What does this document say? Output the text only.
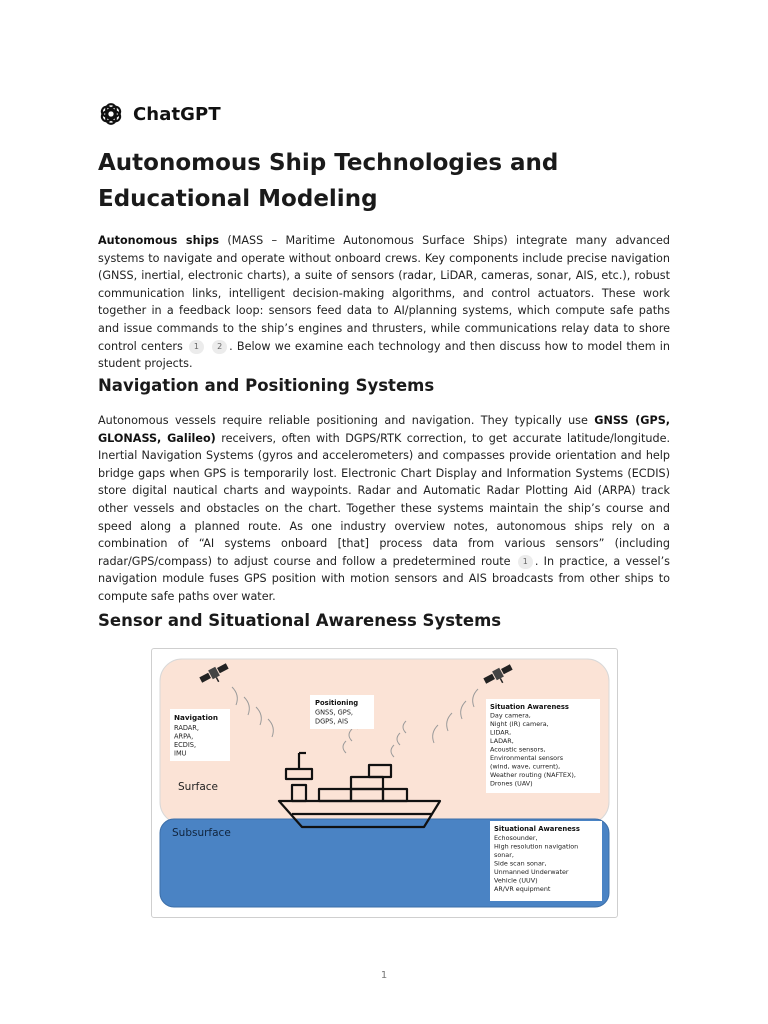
ChatGPT
Autonomous Ship Technologies and Educational Modeling

Autonomous ships (MASS – Maritime Autonomous Surface Ships) integrate many advanced systems to navigate and operate without onboard crews. Key components include precise navigation (GNSS, inertial, electronic charts), a suite of sensors (radar, LiDAR, cameras, sonar, AIS, etc.), robust communication links, intelligent decision-making algorithms, and control actuators. These work together in a feedback loop: sensors feed data to AI/planning systems, which compute safe paths and issue commands to the ship’s engines and thrusters, while communications relay data to shore control centers 1 2 . Below we examine each technology and then discuss how to model them in student projects.

Navigation and Positioning Systems

Autonomous vessels require reliable positioning and navigation. They typically use GNSS (GPS, GLONASS, Galileo) receivers, often with DGPS/RTK correction, to get accurate latitude/longitude. Inertial Navigation Systems (gyros and accelerometers) and compasses provide orientation and help bridge gaps when GPS is temporarily lost. Electronic Chart Display and Information Systems (ECDIS) store digital nautical charts and waypoints. Radar and Automatic Radar Plotting Aid (ARPA) track other vessels and obstacles on the chart. Together these systems maintain the ship’s course and speed along a planned route. As one industry overview notes, autonomous ships rely on a combination of “AI systems onboard [that] process data from various sensors” (including radar/GPS/compass) to adjust course and follow a predetermined route 1 . In practice, a vessel’s navigation module fuses GPS position with motion sensors and AIS broadcasts from other ships to compute safe paths over water.

Sensor and Situational Awareness Systems
Navigation
RADAR,
ARPA,
ECDIS,
IMU
Positioning
GNSS, GPS,
DGPS, AIS
Situation Awareness
Day camera,
Night (IR) camera,
LIDAR,
LADAR,
Acoustic sensors,
Environmental sensors
(wind, wave, current),
Weather routing (NAFTEX),
Drones (UAV)
Situational Awareness
Echosounder,
High resolution navigation
sonar,
Side scan sonar,
Unmanned Underwater
Vehicle (UUV)
AR/VR equipment
Surface
Subsurface
1
